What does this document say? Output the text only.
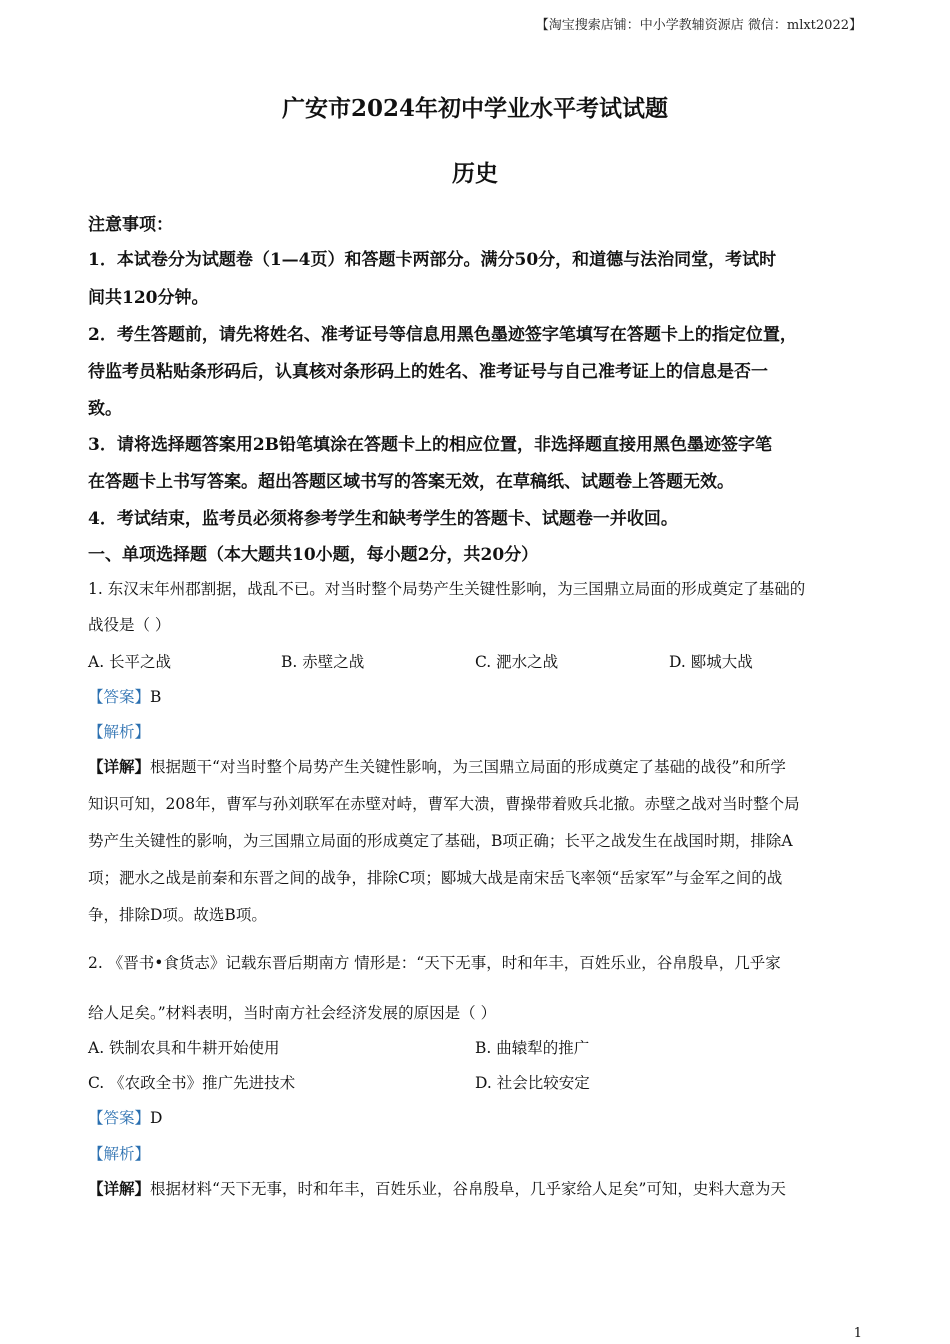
【淘宝搜索店铺：中小学教辅资源店 微信：mlxt2022】
广安市2024年初中学业水平考试试题
历史
注意事项：
1．本试卷分为试题卷（1—4页）和答题卡两部分。满分50分，和道德与法治同堂，考试时
间共120分钟。
2．考生答题前，请先将姓名、准考证号等信息用黑色墨迹签字笔填写在答题卡上的指定位置，
待监考员粘贴条形码后，认真核对条形码上的姓名、准考证号与自己准考证上的信息是否一
致。
3．请将选择题答案用2B铅笔填涂在答题卡上的相应位置，非选择题直接用黑色墨迹签字笔
在答题卡上书写答案。超出答题区域书写的答案无效，在草稿纸、试题卷上答题无效。
4．考试结束，监考员必须将参考学生和缺考学生的答题卡、试题卷一并收回。
一、单项选择题（本大题共10小题，每小题2分，共20分）
1. 东汉末年州郡割据，战乱不已。对当时整个局势产生关键性影响，为三国鼎立局面的形成奠定了基础的
战役是（ ）
A. 长平之战	B. 赤壁之战	C. 淝水之战	D. 郾城大战
【答案】B
【解析】
【详解】根据题干“对当时整个局势产生关键性影响，为三国鼎立局面的形成奠定了基础的战役”和所学
知识可知，208年，曹军与孙刘联军在赤壁对峙，曹军大溃，曹操带着败兵北撤。赤壁之战对当时整个局
势产生关键性的影响，为三国鼎立局面的形成奠定了基础，B项正确；长平之战发生在战国时期，排除A
项；淝水之战是前秦和东晋之间的战争，排除C项；郾城大战是南宋岳飞率领“岳家军”与金军之间的战
争，排除D项。故选B项。
2. 《晋书•食货志》记载东晋后期南方 情形是：“天下无事，时和年丰，百姓乐业，谷帛殷阜，几乎家
给人足矣。”材料表明，当时南方社会经济发展的原因是（ ）
A. 铁制农具和牛耕开始使用	B. 曲辕犁的推广
C. 《农政全书》推广先进技术	D. 社会比较安定
【答案】D
【解析】
【详解】根据材料“天下无事，时和年丰，百姓乐业，谷帛殷阜，几乎家给人足矣”可知，史料大意为天
1
